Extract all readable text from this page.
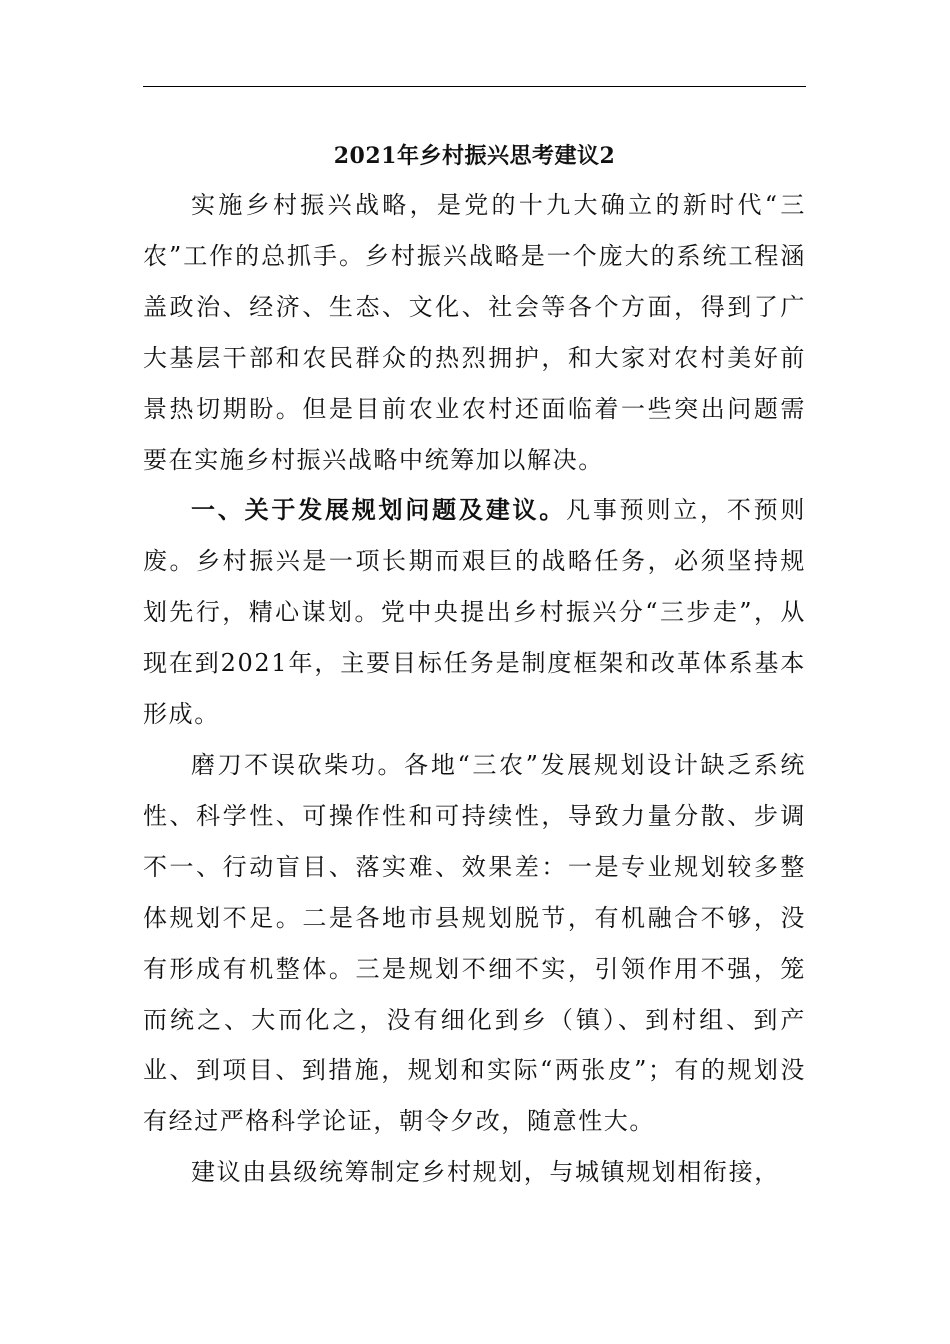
2021年乡村振兴思考建议2

实施乡村振兴战略，是党的十九大确立的新时代“三农”工作的总抓手。乡村振兴战略是一个庞大的系统工程涵盖政治、经济、生态、文化、社会等各个方面，得到了广大基层干部和农民群众的热烈拥护，和大家对农村美好前景热切期盼。但是目前农业农村还面临着一些突出问题需要在实施乡村振兴战略中统筹加以解决。

一、关于发展规划问题及建议。凡事预则立，不预则废。乡村振兴是一项长期而艰巨的战略任务，必须坚持规划先行，精心谋划。党中央提出乡村振兴分“三步走”，从现在到2021年，主要目标任务是制度框架和改革体系基本形成。

磨刀不误砍柴功。各地“三农”发展规划设计缺乏系统性、科学性、可操作性和可持续性，导致力量分散、步调不一、行动盲目、落实难、效果差：一是专业规划较多整体规划不足。二是各地市县规划脱节，有机融合不够，没有形成有机整体。三是规划不细不实，引领作用不强，笼而统之、大而化之，没有细化到乡（镇）、到村组、到产业、到项目、到措施，规划和实际“两张皮”；有的规划没有经过严格科学论证，朝令夕改，随意性大。

建议由县级统筹制定乡村规划，与城镇规划相衔接，
